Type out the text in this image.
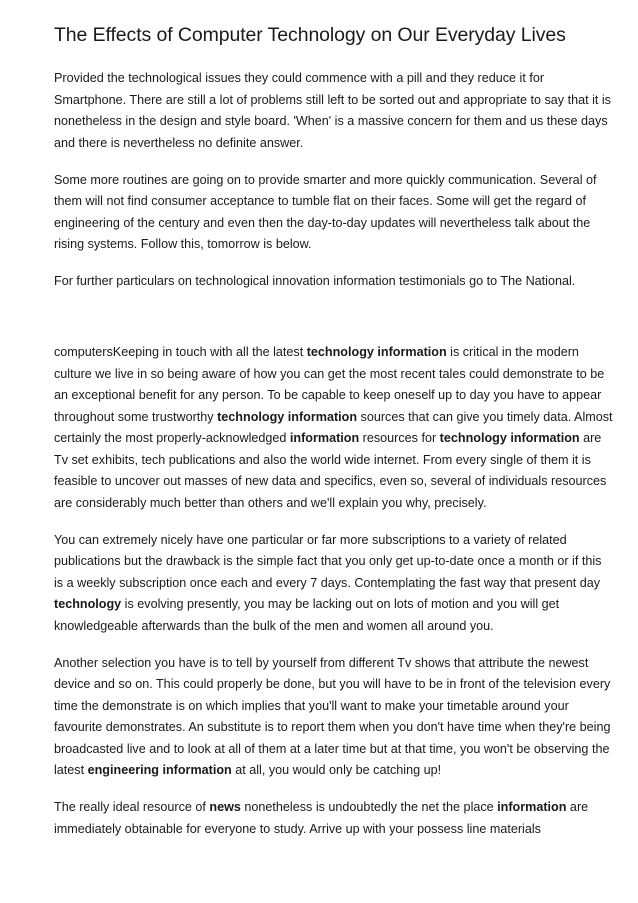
The Effects of Computer Technology on Our Everyday Lives
Provided the technological issues they could commence with a pill and they reduce it for Smartphone. There are still a lot of problems still left to be sorted out and appropriate to say that it is nonetheless in the design and style board. 'When' is a massive concern for them and us these days and there is nevertheless no definite answer.
Some more routines are going on to provide smarter and more quickly communication. Several of them will not find consumer acceptance to tumble flat on their faces. Some will get the regard of engineering of the century and even then the day-to-day updates will nevertheless talk about the rising systems. Follow this, tomorrow is below.
For further particulars on technological innovation information testimonials go to The National.
computersKeeping in touch with all the latest technology information is critical in the modern culture we live in so being aware of how you can get the most recent tales could demonstrate to be an exceptional benefit for any person. To be capable to keep oneself up to day you have to appear throughout some trustworthy technology information sources that can give you timely data. Almost certainly the most properly-acknowledged information resources for technology information are Tv set exhibits, tech publications and also the world wide internet. From every single of them it is feasible to uncover out masses of new data and specifics, even so, several of individuals resources are considerably much better than others and we'll explain you why, precisely.
You can extremely nicely have one particular or far more subscriptions to a variety of related publications but the drawback is the simple fact that you only get up-to-date once a month or if this is a weekly subscription once each and every 7 days. Contemplating the fast way that present day technology is evolving presently, you may be lacking out on lots of motion and you will get knowledgeable afterwards than the bulk of the men and women all around you.
Another selection you have is to tell by yourself from different Tv shows that attribute the newest device and so on. This could properly be done, but you will have to be in front of the television every time the demonstrate is on which implies that you'll want to make your timetable around your favourite demonstrates. An substitute is to report them when you don't have time when they're being broadcasted live and to look at all of them at a later time but at that time, you won't be observing the latest engineering information at all, you would only be catching up!
The really ideal resource of news nonetheless is undoubtedly the net the place information are immediately obtainable for everyone to study. Arrive up with your possess line materials
